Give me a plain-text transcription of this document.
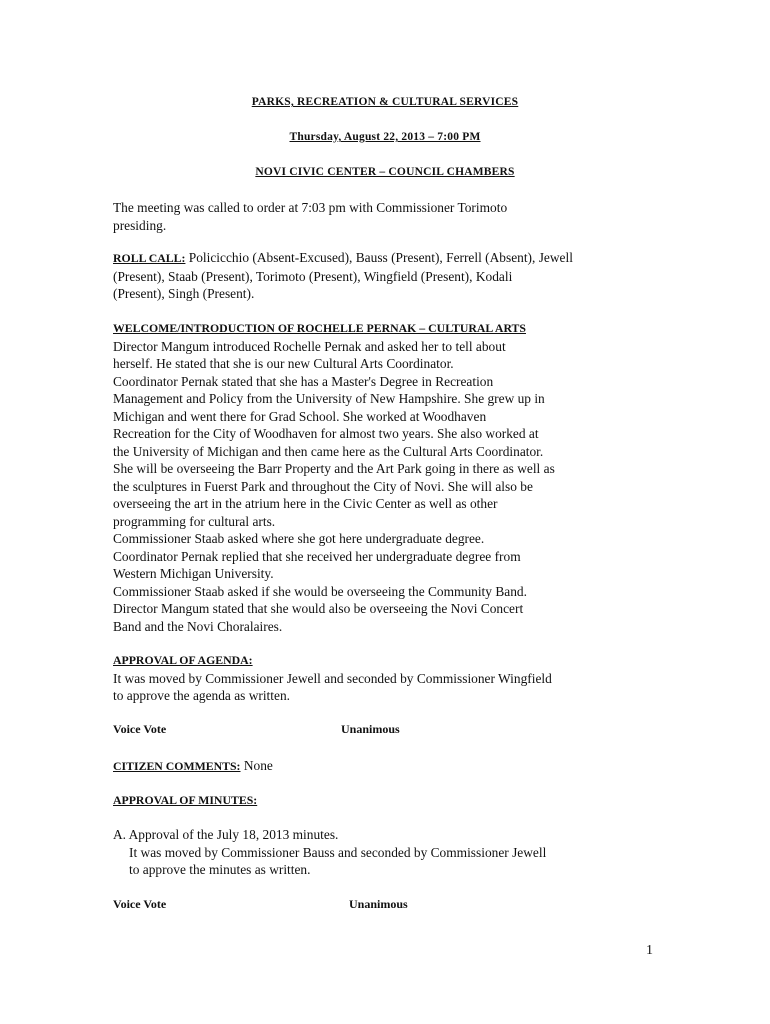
PARKS, RECREATION & CULTURAL SERVICES
Thursday, August 22, 2013 – 7:00 PM
NOVI CIVIC CENTER – COUNCIL CHAMBERS
The meeting was called to order at 7:03 pm with Commissioner Torimoto
presiding.
ROLL CALL: Policicchio (Absent-Excused), Bauss (Present), Ferrell (Absent), Jewell
(Present), Staab (Present), Torimoto (Present), Wingfield (Present), Kodali
(Present), Singh (Present).
WELCOME/INTRODUCTION OF ROCHELLE PERNAK – CULTURAL ARTS
Director Mangum introduced Rochelle Pernak and asked her to tell about
herself. He stated that she is our new Cultural Arts Coordinator.
Coordinator Pernak stated that she has a Master's Degree in Recreation
Management and Policy from the University of New Hampshire. She grew up in
Michigan and went there for Grad School. She worked at Woodhaven
Recreation for the City of Woodhaven for almost two years. She also worked at
the University of Michigan and then came here as the Cultural Arts Coordinator.
She will be overseeing the Barr Property and the Art Park going in there as well as
the sculptures in Fuerst Park and throughout the City of Novi. She will also be
overseeing the art in the atrium here in the Civic Center as well as other
programming for cultural arts.
Commissioner Staab asked where she got here undergraduate degree.
Coordinator Pernak replied that she received her undergraduate degree from
Western Michigan University.
Commissioner Staab asked if she would be overseeing the Community Band.
Director Mangum stated that she would also be overseeing the Novi Concert
Band and the Novi Choralaires.
APPROVAL OF AGENDA:
It was moved by Commissioner Jewell and seconded by Commissioner Wingfield
to approve the agenda as written.
Voice Vote	Unanimous
CITIZEN COMMENTS: None
APPROVAL OF MINUTES:
A. Approval of the July 18, 2013 minutes.
It was moved by Commissioner Bauss and seconded by Commissioner Jewell
to approve the minutes as written.
Voice Vote	Unanimous
1
